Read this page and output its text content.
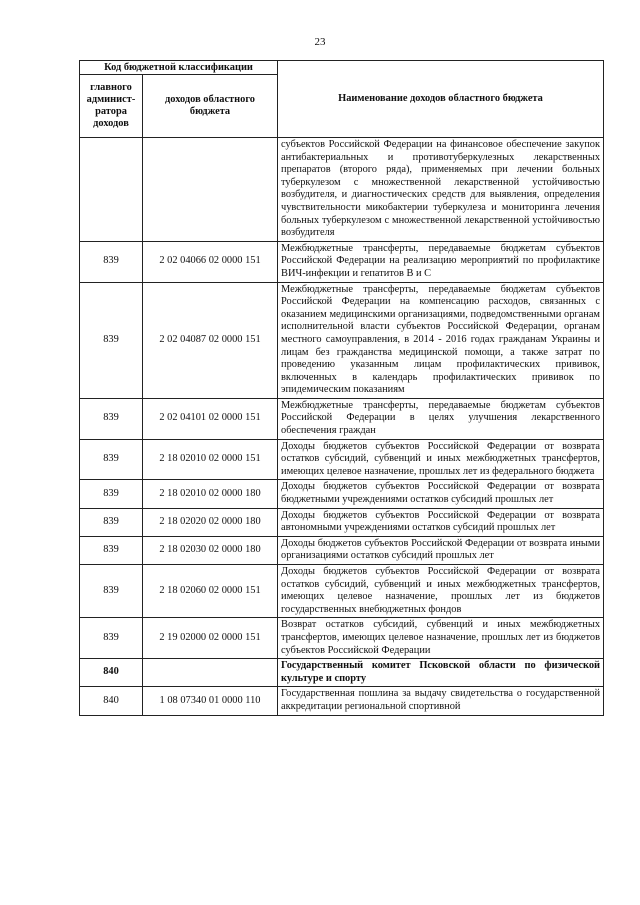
23
Код бюджетной классификации		Наименование доходов областного бюджета
главного админист-ратора доходов	доходов областного бюджета	
		субъектов Российской Федерации на финансовое обеспечение закупок антибактериальных и противотуберкулезных лекарственных препаратов (второго ряда), применяемых при лечении больных туберкулезом с множественной лекарственной устойчивостью возбудителя, и диагностических средств для выявления, определения чувствительности микобактерии туберкулеза и мониторинга лечения больных туберкулезом с множественной лекарственной устойчивостью возбудителя
839	2 02 04066 02 0000 151	Межбюджетные трансферты, передаваемые бюджетам субъектов Российской Федерации на реализацию мероприятий по профилактике ВИЧ-инфекции и гепатитов В и С
839	2 02 04087 02 0000 151	Межбюджетные трансферты, передаваемые бюджетам субъектов Российской Федерации на компенсацию расходов, связанных с оказанием медицинскими организациями, подведомственными органам исполнительной власти субъектов Российской Федерации, органам местного самоуправления, в 2014 - 2016 годах гражданам Украины и лицам без гражданства медицинской помощи, а также затрат по проведению указанным лицам профилактических прививок, включенных в календарь профилактических прививок по эпидемическим показаниям
839	2 02 04101 02 0000 151	Межбюджетные трансферты, передаваемые бюджетам субъектов Российской Федерации в целях улучшения лекарственного обеспечения граждан
839	2 18 02010 02 0000 151	Доходы бюджетов субъектов Российской Федерации от возврата остатков субсидий, субвенций и иных межбюджетных трансфертов, имеющих целевое назначение, прошлых лет из федерального бюджета
839	2 18 02010 02 0000 180	Доходы бюджетов субъектов Российской Федерации от возврата бюджетными учреждениями остатков субсидий прошлых лет
839	2 18 02020 02 0000 180	Доходы бюджетов субъектов Российской Федерации от возврата автономными учреждениями остатков субсидий прошлых лет
839	2 18 02030 02 0000 180	Доходы бюджетов субъектов Российской Федерации от возврата иными организациями остатков субсидий прошлых лет
839	2 18 02060 02 0000 151	Доходы бюджетов субъектов Российской Федерации от возврата остатков субсидий, субвенций и иных межбюджетных трансфертов, имеющих целевое назначение, прошлых лет из бюджетов государственных внебюджетных фондов
839	2 19 02000 02 0000 151	Возврат остатков субсидий, субвенций и иных межбюджетных трансфертов, имеющих целевое назначение, прошлых лет из бюджетов субъектов Российской Федерации
840		Государственный комитет Псковской области по физической культуре и спорту
840	1 08 07340 01 0000 110	Государственная пошлина за выдачу свидетельства о государственной аккредитации региональной спортивной
